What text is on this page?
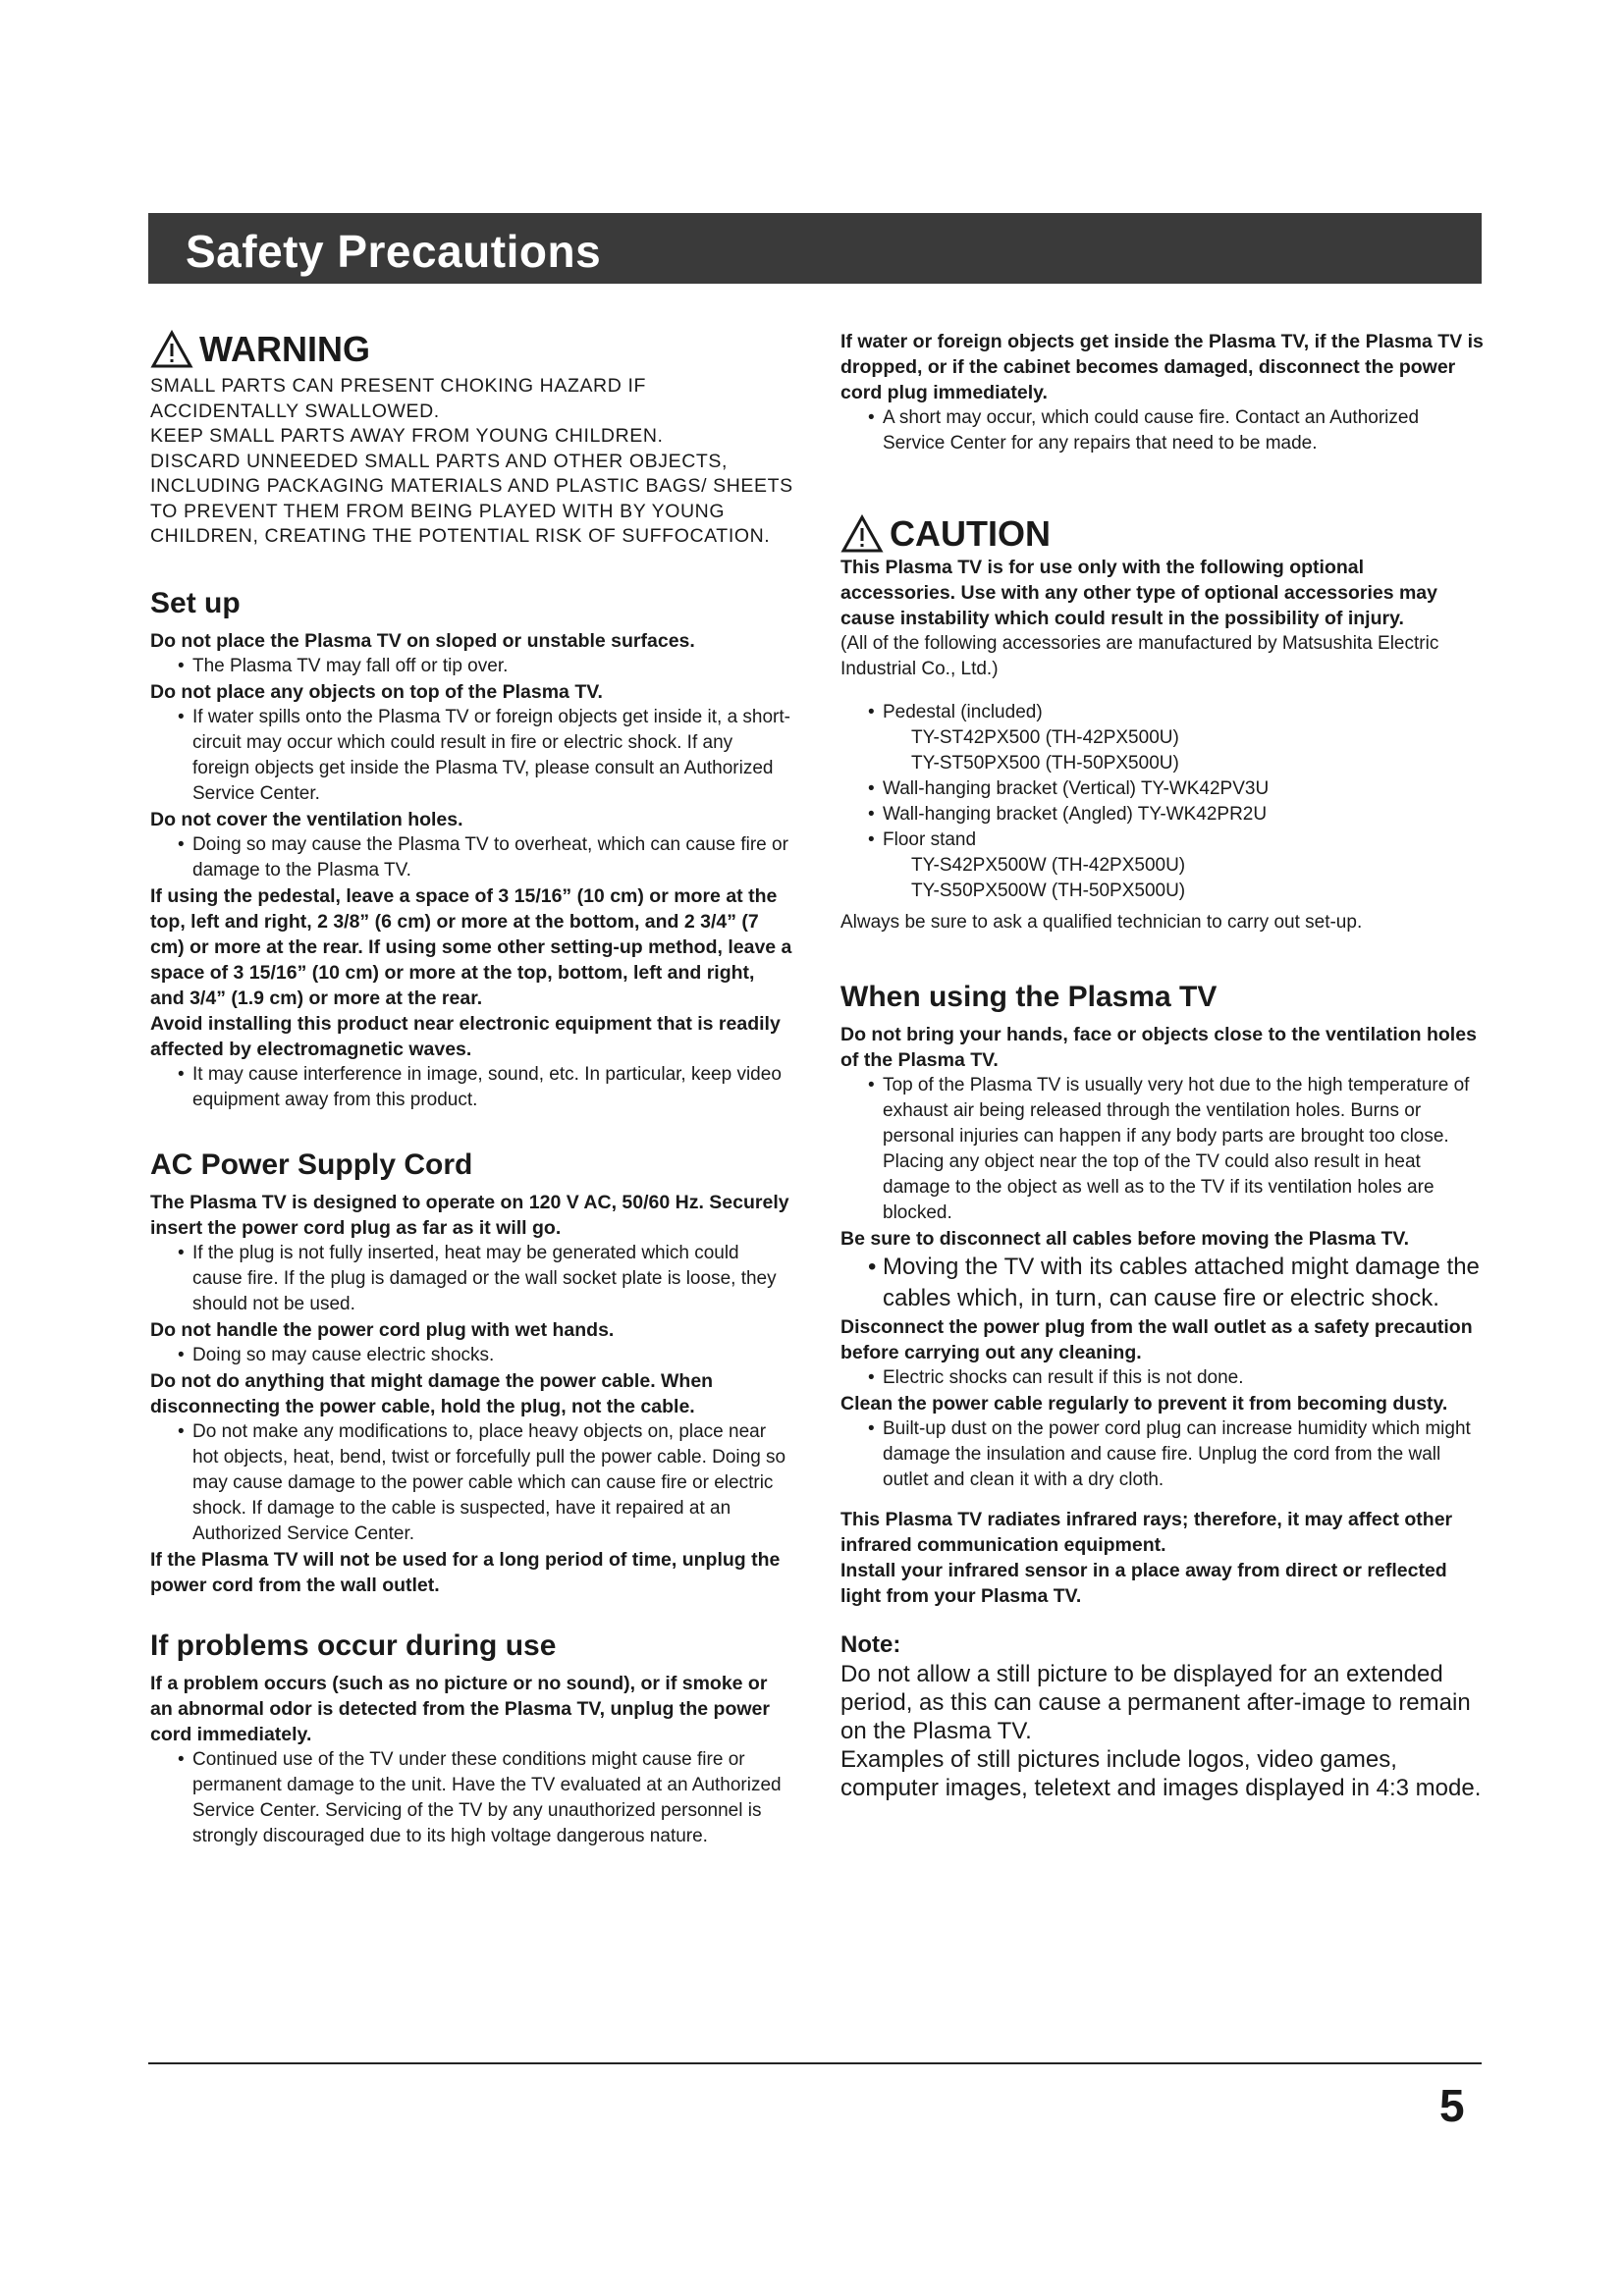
Safety Precautions
WARNING

SMALL PARTS CAN PRESENT CHOKING HAZARD IF ACCIDENTALLY SWALLOWED.

KEEP SMALL PARTS AWAY FROM YOUNG CHILDREN.

DISCARD UNNEEDED SMALL PARTS AND OTHER OBJECTS, INCLUDING PACKAGING MATERIALS AND PLASTIC BAGS/ SHEETS TO PREVENT THEM FROM BEING PLAYED WITH BY YOUNG CHILDREN, CREATING THE POTENTIAL RISK OF SUFFOCATION.

Set up

Do not place the Plasma TV on sloped or unstable surfaces.

• The Plasma TV may fall off or tip over.

Do not place any objects on top of the Plasma TV.

• If water spills onto the Plasma TV or foreign objects get inside it, a short-circuit may occur which could result in fire or electric shock. If any foreign objects get inside the Plasma TV, please consult an Authorized Service Center.

Do not cover the ventilation holes.

• Doing so may cause the Plasma TV to overheat, which can cause fire or damage to the Plasma TV.

If using the pedestal, leave a space of 3 15/16” (10 cm) or more at the top, left and right, 2 3/8” (6 cm) or more at the bottom, and 2 3/4” (7 cm) or more at the rear. If using some other setting-up method, leave a space of 3 15/16” (10 cm) or more at the top, bottom, left and right, and 3/4” (1.9 cm) or more at the rear.

Avoid installing this product near electronic equipment that is readily affected by electromagnetic waves.

• It may cause interference in image, sound, etc. In particular, keep video equipment away from this product.

AC Power Supply Cord

The Plasma TV is designed to operate on 120 V AC, 50/60 Hz. Securely insert the power cord plug as far as it will go.

• If the plug is not fully inserted, heat may be generated which could cause fire. If the plug is damaged or the wall socket plate is loose, they should not be used.

Do not handle the power cord plug with wet hands.

• Doing so may cause electric shocks.

Do not do anything that might damage the power cable. When disconnecting the power cable, hold the plug, not the cable.

• Do not make any modifications to, place heavy objects on, place near hot objects, heat, bend, twist or forcefully pull the power cable. Doing so may cause damage to the power cable which can cause fire or electric shock. If damage to the cable is suspected, have it repaired at an Authorized Service Center.

If the Plasma TV will not be used for a long period of time, unplug the power cord from the wall outlet.

If problems occur during use

If a problem occurs (such as no picture or no sound), or if smoke or an abnormal odor is detected from the Plasma TV, unplug the power cord immediately.

• Continued use of the TV under these conditions might cause fire or permanent damage to the unit. Have the TV evaluated at an Authorized Service Center. Servicing of the TV by any unauthorized personnel is strongly discouraged due to its high voltage dangerous nature.

If water or foreign objects get inside the Plasma TV, if the Plasma TV is dropped, or if the cabinet becomes damaged, disconnect the power cord plug immediately.

• A short may occur, which could cause fire. Contact an Authorized Service Center for any repairs that need to be made.

CAUTION

This Plasma TV is for use only with the following optional accessories. Use with any other type of optional accessories may cause instability which could result in the possibility of injury.

(All of the following accessories are manufactured by Matsushita Electric Industrial Co., Ltd.)

• Pedestal (included)

TY-ST42PX500 (TH-42PX500U)

TY-ST50PX500 (TH-50PX500U)

• Wall-hanging bracket (Vertical) TY-WK42PV3U

• Wall-hanging bracket (Angled) TY-WK42PR2U

• Floor stand

TY-S42PX500W (TH-42PX500U)

TY-S50PX500W (TH-50PX500U)

Always be sure to ask a qualified technician to carry out set-up.

When using the Plasma TV

Do not bring your hands, face or objects close to the ventilation holes of the Plasma TV.

• Top of the Plasma TV is usually very hot due to the high temperature of exhaust air being released through the ventilation holes. Burns or personal injuries can happen if any body parts are brought too close. Placing any object near the top of the TV could also result in heat damage to the object as well as to the TV if its ventilation holes are blocked.

Be sure to disconnect all cables before moving the Plasma TV.

• Moving the TV with its cables attached might damage the cables which, in turn, can cause fire or electric shock.

Disconnect the power plug from the wall outlet as a safety precaution before carrying out any cleaning.

• Electric shocks can result if this is not done.

Clean the power cable regularly to prevent it from becoming dusty.

• Built-up dust on the power cord plug can increase humidity which might damage the insulation and cause fire. Unplug the cord from the wall outlet and clean it with a dry cloth.

This Plasma TV radiates infrared rays; therefore, it may affect other infrared communication equipment.

Install your infrared sensor in a place away from direct or reflected light from your Plasma TV.

Note:

Do not allow a still picture to be displayed for an extended period, as this can cause a permanent after-image to remain on the Plasma TV.

Examples of still pictures include logos, video games, computer images, teletext and images displayed in 4:3 mode.

5
